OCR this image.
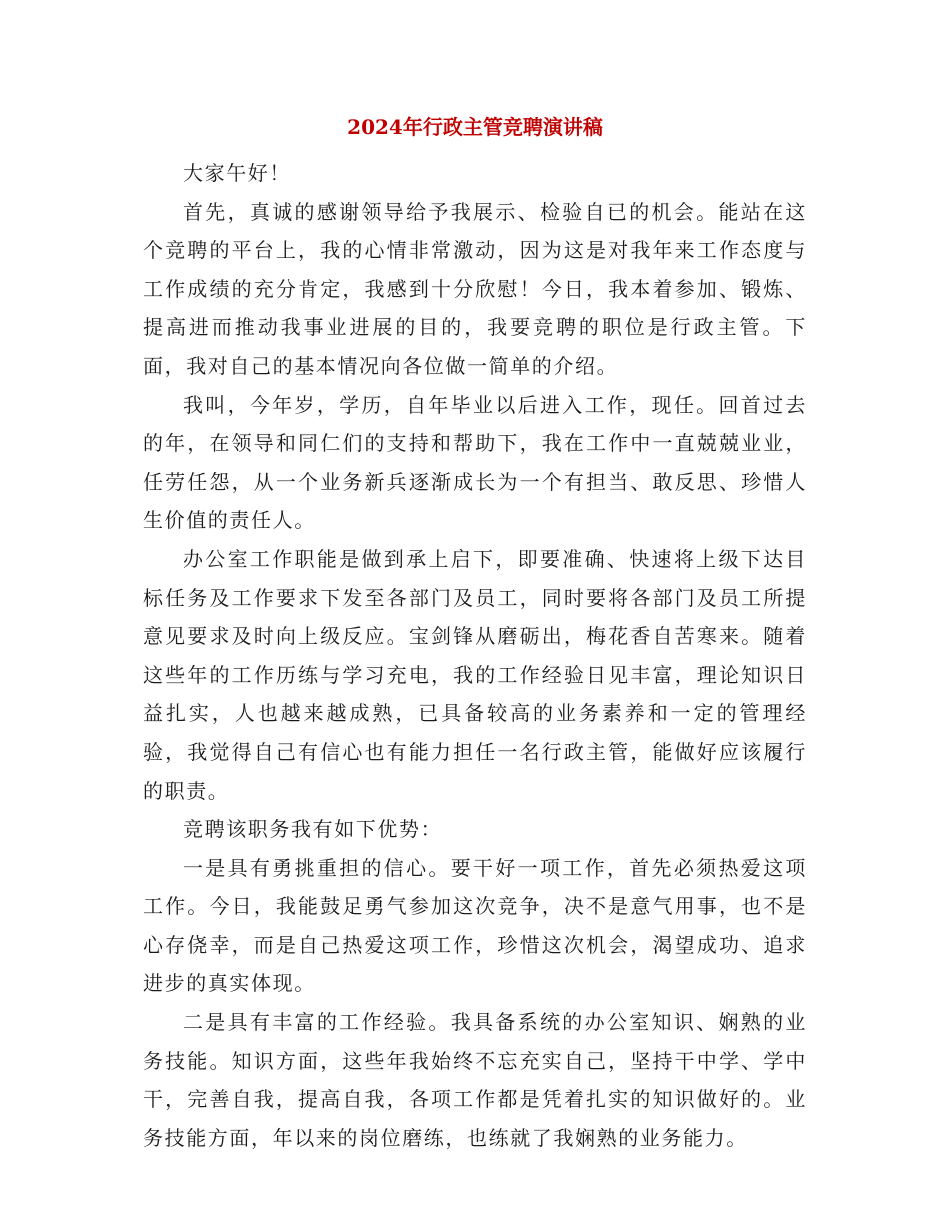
2024年行政主管竞聘演讲稿

大家午好！

首先，真诚的感谢领导给予我展示、检验自已的机会。能站在这个竞聘的平台上，我的心情非常激动，因为这是对我年来工作态度与工作成绩的充分肯定，我感到十分欣慰！今日，我本着参加、锻炼、提高进而推动我事业进展的目的，我要竞聘的职位是行政主管。下面，我对自己的基本情况向各位做一简单的介绍。

我叫，今年岁，学历，自年毕业以后进入工作，现任。回首过去的年，在领导和同仁们的支持和帮助下，我在工作中一直兢兢业业，任劳任怨，从一个业务新兵逐渐成长为一个有担当、敢反思、珍惜人生价值的责任人。

办公室工作职能是做到承上启下，即要准确、快速将上级下达目标任务及工作要求下发至各部门及员工，同时要将各部门及员工所提意见要求及时向上级反应。宝剑锋从磨砺出，梅花香自苦寒来。随着这些年的工作历练与学习充电，我的工作经验日见丰富，理论知识日益扎实，人也越来越成熟，已具备较高的业务素养和一定的管理经验，我觉得自己有信心也有能力担任一名行政主管，能做好应该履行的职责。

竞聘该职务我有如下优势：

一是具有勇挑重担的信心。要干好一项工作，首先必须热爱这项工作。今日，我能鼓足勇气参加这次竞争，决不是意气用事，也不是心存侥幸，而是自己热爱这项工作，珍惜这次机会，渴望成功、追求进步的真实体现。

二是具有丰富的工作经验。我具备系统的办公室知识、娴熟的业务技能。知识方面，这些年我始终不忘充实自己，坚持干中学、学中干，完善自我，提高自我，各项工作都是凭着扎实的知识做好的。业务技能方面，年以来的岗位磨练，也练就了我娴熟的业务能力。
